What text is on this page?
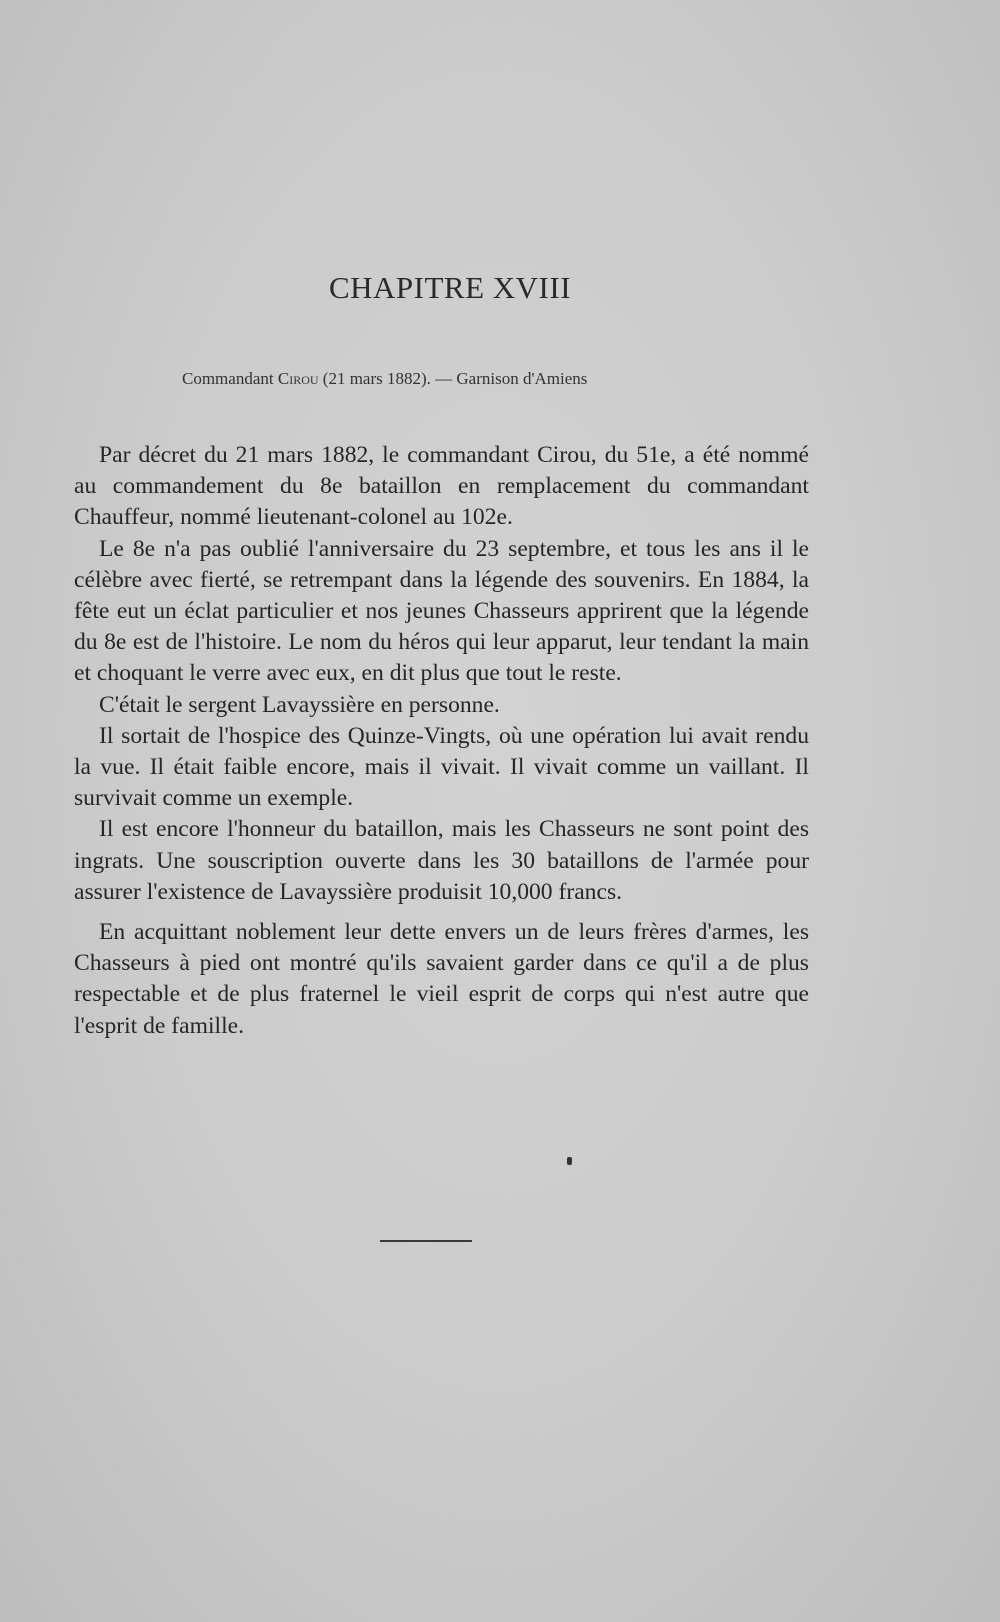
CHAPITRE XVIII

Commandant Cirou (21 mars 1882). — Garnison d'Amiens

Par décret du 21 mars 1882, le commandant Cirou, du 51e, a été nommé au commandement du 8e bataillon en remplacement du commandant Chauffeur, nommé lieutenant-colonel au 102e.

Le 8e n'a pas oublié l'anniversaire du 23 septembre, et tous les ans il le célèbre avec fierté, se retrempant dans la légende des souvenirs. En 1884, la fête eut un éclat particulier et nos jeunes Chasseurs apprirent que la légende du 8e est de l'histoire. Le nom du héros qui leur apparut, leur tendant la main et choquant le verre avec eux, en dit plus que tout le reste.

C'était le sergent Lavayssière en personne.

Il sortait de l'hospice des Quinze-Vingts, où une opération lui avait rendu la vue. Il était faible encore, mais il vivait. Il vivait comme un vaillant. Il survivait comme un exemple.

Il est encore l'honneur du bataillon, mais les Chasseurs ne sont point des ingrats. Une souscription ouverte dans les 30 bataillons de l'armée pour assurer l'existence de Lavayssière produisit 10,000 francs.

En acquittant noblement leur dette envers un de leurs frères d'armes, les Chasseurs à pied ont montré qu'ils savaient garder dans ce qu'il a de plus respectable et de plus fraternel le vieil esprit de corps qui n'est autre que l'esprit de famille.
